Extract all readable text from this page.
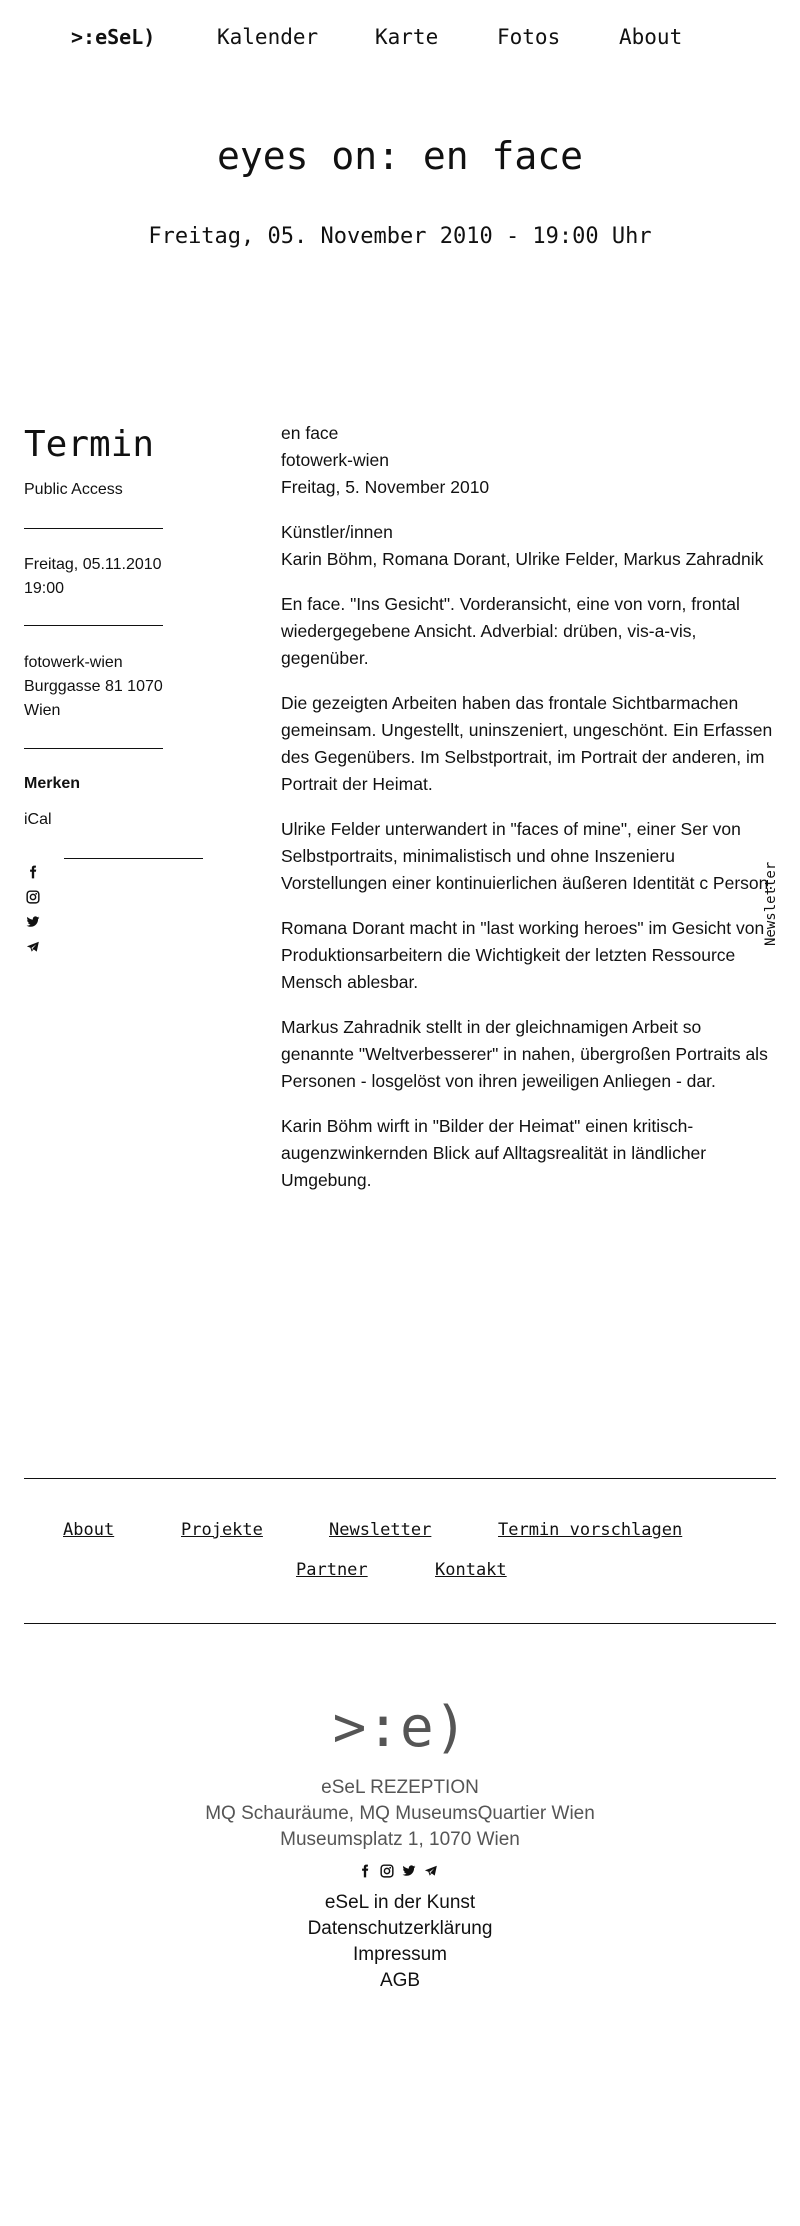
>:eSeL)	Kalender	Karte	Fotos	About
eyes on: en face
Freitag, 05. November 2010 - 19:00 Uhr
Termin
Public Access
Freitag, 05.11.2010
19:00
fotowerk-wien
Burggasse 81 1070
Wien
Merken
iCal

en face
fotowerk-wien
Freitag, 5. November 2010

Künstler/innen
Karin Böhm, Romana Dorant, Ulrike Felder, Markus Zahradnik

En face. "Ins Gesicht". Vorderansicht, eine von vorn, frontal wiedergegebene Ansicht. Adverbial: drüben, vis-a-vis, gegenüber.

Die gezeigten Arbeiten haben das frontale Sichtbarmachen gemeinsam. Ungestellt, uninszeniert, ungeschönt. Ein Erfassen des Gegenübers. Im Selbstportrait, im Portrait der anderen, im Portrait der Heimat.

Ulrike Felder unterwandert in "faces of mine", einer Ser von Selbstportraits, minimalistisch und ohne Inszenieru Vorstellungen einer kontinuierlichen äußeren Identität c Person.

Romana Dorant macht in "last working heroes" im Gesicht von Produktionsarbeitern die Wichtigkeit der letzten Ressource Mensch ablesbar.

Markus Zahradnik stellt in der gleichnamigen Arbeit so genannte "Weltverbesserer" in nahen, übergroßen Portraits als Personen - losgelöst von ihren jeweiligen Anliegen - dar.

Karin Böhm wirft in "Bilder der Heimat" einen kritisch-augenzwinkernden Blick auf Alltagsrealität in ländlicher Umgebung.

Newsletter
About	Projekte	Newsletter	Termin vorschlagen
Partner	Kontakt
>:e)
eSeL REZEPTION
MQ Schauräume, MQ MuseumsQuartier Wien
Museumsplatz 1, 1070 Wien
eSeL in der Kunst
Datenschutzerklärung
Impressum
AGB
